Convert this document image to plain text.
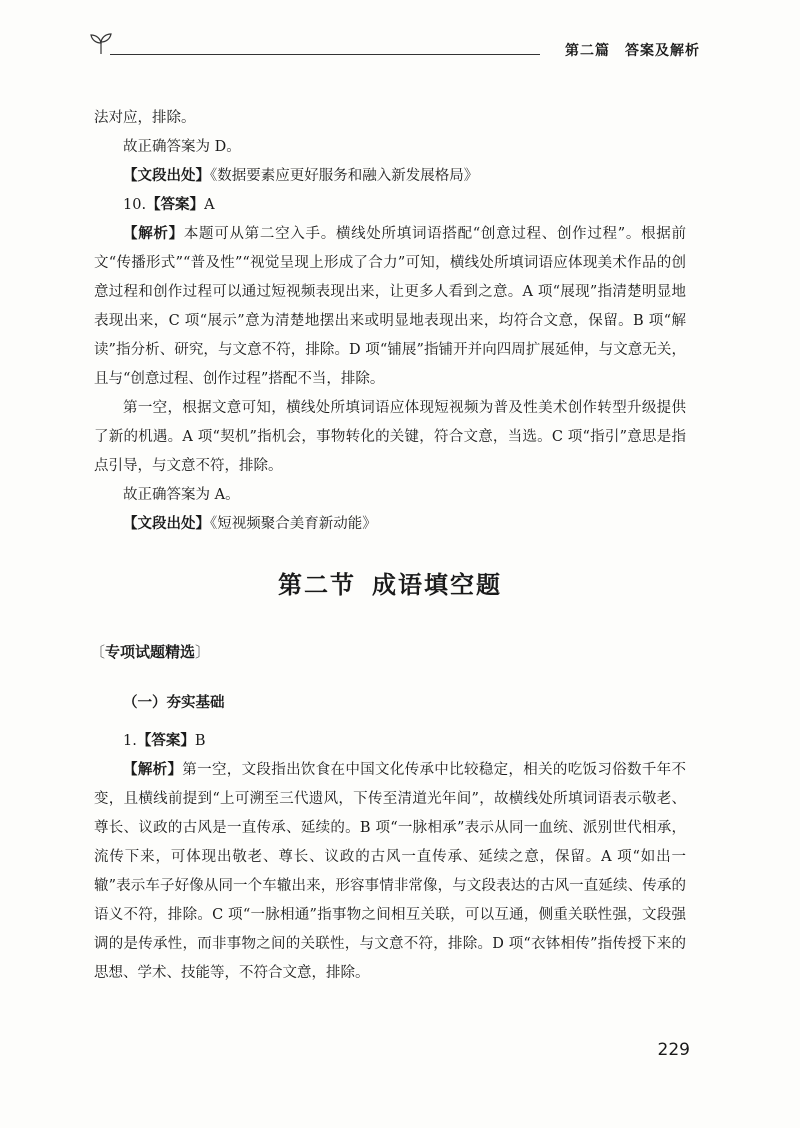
第二篇　答案及解析

法对应，排除。

故正确答案为 D。

【文段出处】《数据要素应更好服务和融入新发展格局》

10.【答案】A

【解析】本题可从第二空入手。横线处所填词语搭配“创意过程、创作过程”。根据前文“传播形式”“普及性”“视觉呈现上形成了合力”可知，横线处所填词语应体现美术作品的创意过程和创作过程可以通过短视频表现出来，让更多人看到之意。A 项“展现”指清楚明显地表现出来，C 项“展示”意为清楚地摆出来或明显地表现出来，均符合文意，保留。B 项“解读”指分析、研究，与文意不符，排除。D 项“铺展”指铺开并向四周扩展延伸，与文意无关，且与“创意过程、创作过程”搭配不当，排除。

第一空，根据文意可知，横线处所填词语应体现短视频为普及性美术创作转型升级提供了新的机遇。A 项“契机”指机会，事物转化的关键，符合文意，当选。C 项“指引”意思是指点引导，与文意不符，排除。

故正确答案为 A。

【文段出处】《短视频聚合美育新动能》

第二节 成语填空题
〔专项试题精选〕
（一）夯实基础

1.【答案】B

【解析】第一空，文段指出饮食在中国文化传承中比较稳定，相关的吃饭习俗数千年不变，且横线前提到“上可溯至三代遗风，下传至清道光年间”，故横线处所填词语表示敬老、尊长、议政的古风是一直传承、延续的。B 项“一脉相承”表示从同一血统、派别世代相承，流传下来，可体现出敬老、尊长、议政的古风一直传承、延续之意，保留。A 项“如出一辙”表示车子好像从同一个车辙出来，形容事情非常像，与文段表达的古风一直延续、传承的语义不符，排除。C 项“一脉相通”指事物之间相互关联，可以互通，侧重关联性强，文段强调的是传承性，而非事物之间的关联性，与文意不符，排除。D 项“衣钵相传”指传授下来的思想、学术、技能等，不符合文意，排除。

229
